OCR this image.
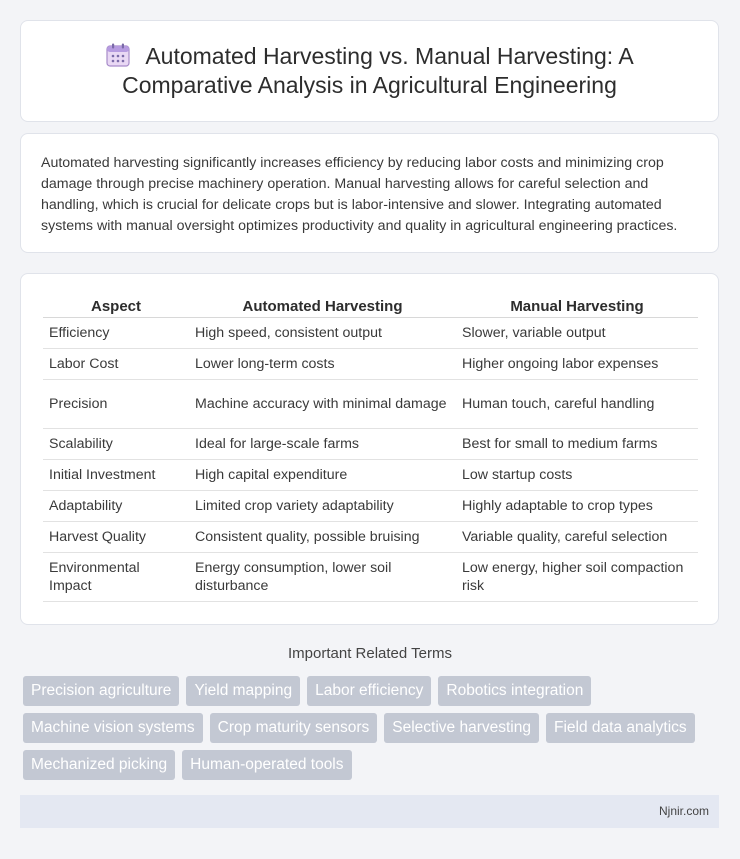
Automated Harvesting vs. Manual Harvesting: A Comparative Analysis in Agricultural Engineering

Automated harvesting significantly increases efficiency by reducing labor costs and minimizing crop damage through precise machinery operation. Manual harvesting allows for careful selection and handling, which is crucial for delicate crops but is labor-intensive and slower. Integrating automated systems with manual oversight optimizes productivity and quality in agricultural engineering practices.

Aspect	Automated Harvesting	Manual Harvesting
Efficiency	High speed, consistent output	Slower, variable output
Labor Cost	Lower long-term costs	Higher ongoing labor expenses
Precision	Machine accuracy with minimal damage	Human touch, careful handling
Scalability	Ideal for large-scale farms	Best for small to medium farms
Initial Investment	High capital expenditure	Low startup costs
Adaptability	Limited crop variety adaptability	Highly adaptable to crop types
Harvest Quality	Consistent quality, possible bruising	Variable quality, careful selection
Environmental Impact	Energy consumption, lower soil disturbance	Low energy, higher soil compaction risk
Important Related Terms
Precision agriculture	Yield mapping	Labor efficiency	Robotics integration
Machine vision systems	Crop maturity sensors	Selective harvesting	Field data analytics
Mechanized picking	Human-operated tools
Njnir.com
